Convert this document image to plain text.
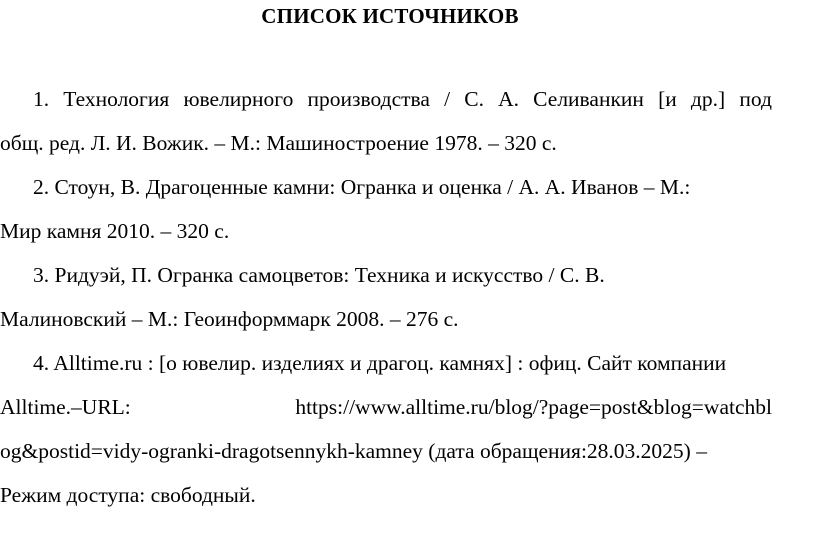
СПИСОК ИСТОЧНИКОВ
1. Технология ювелирного производства / С. А. Селиванкин [и др.] под
общ. ред. Л. И. Вожик. – М.: Машиностроение 1978. – 320 с.
2. Стоун, В. Драгоценные камни: Огранка и оценка / А. А. Иванов – М.:
Мир камня 2010. – 320 с.
3. Ридуэй, П. Огранка самоцветов: Техника и искусство / С. В.
Малиновский – М.: Геоинформмарк 2008. – 276 с.
4. Alltime.ru : [о ювелир. изделиях и драгоц. камнях] : офиц. Сайт компании
Alltime.–URL:	https://www.alltime.ru/blog/?page=post&blog=watchbl
og&postid=vidy-ogranki-dragotsennykh-kamney (дата обращения:28.03.2025) –
Режим доступа: свободный.
